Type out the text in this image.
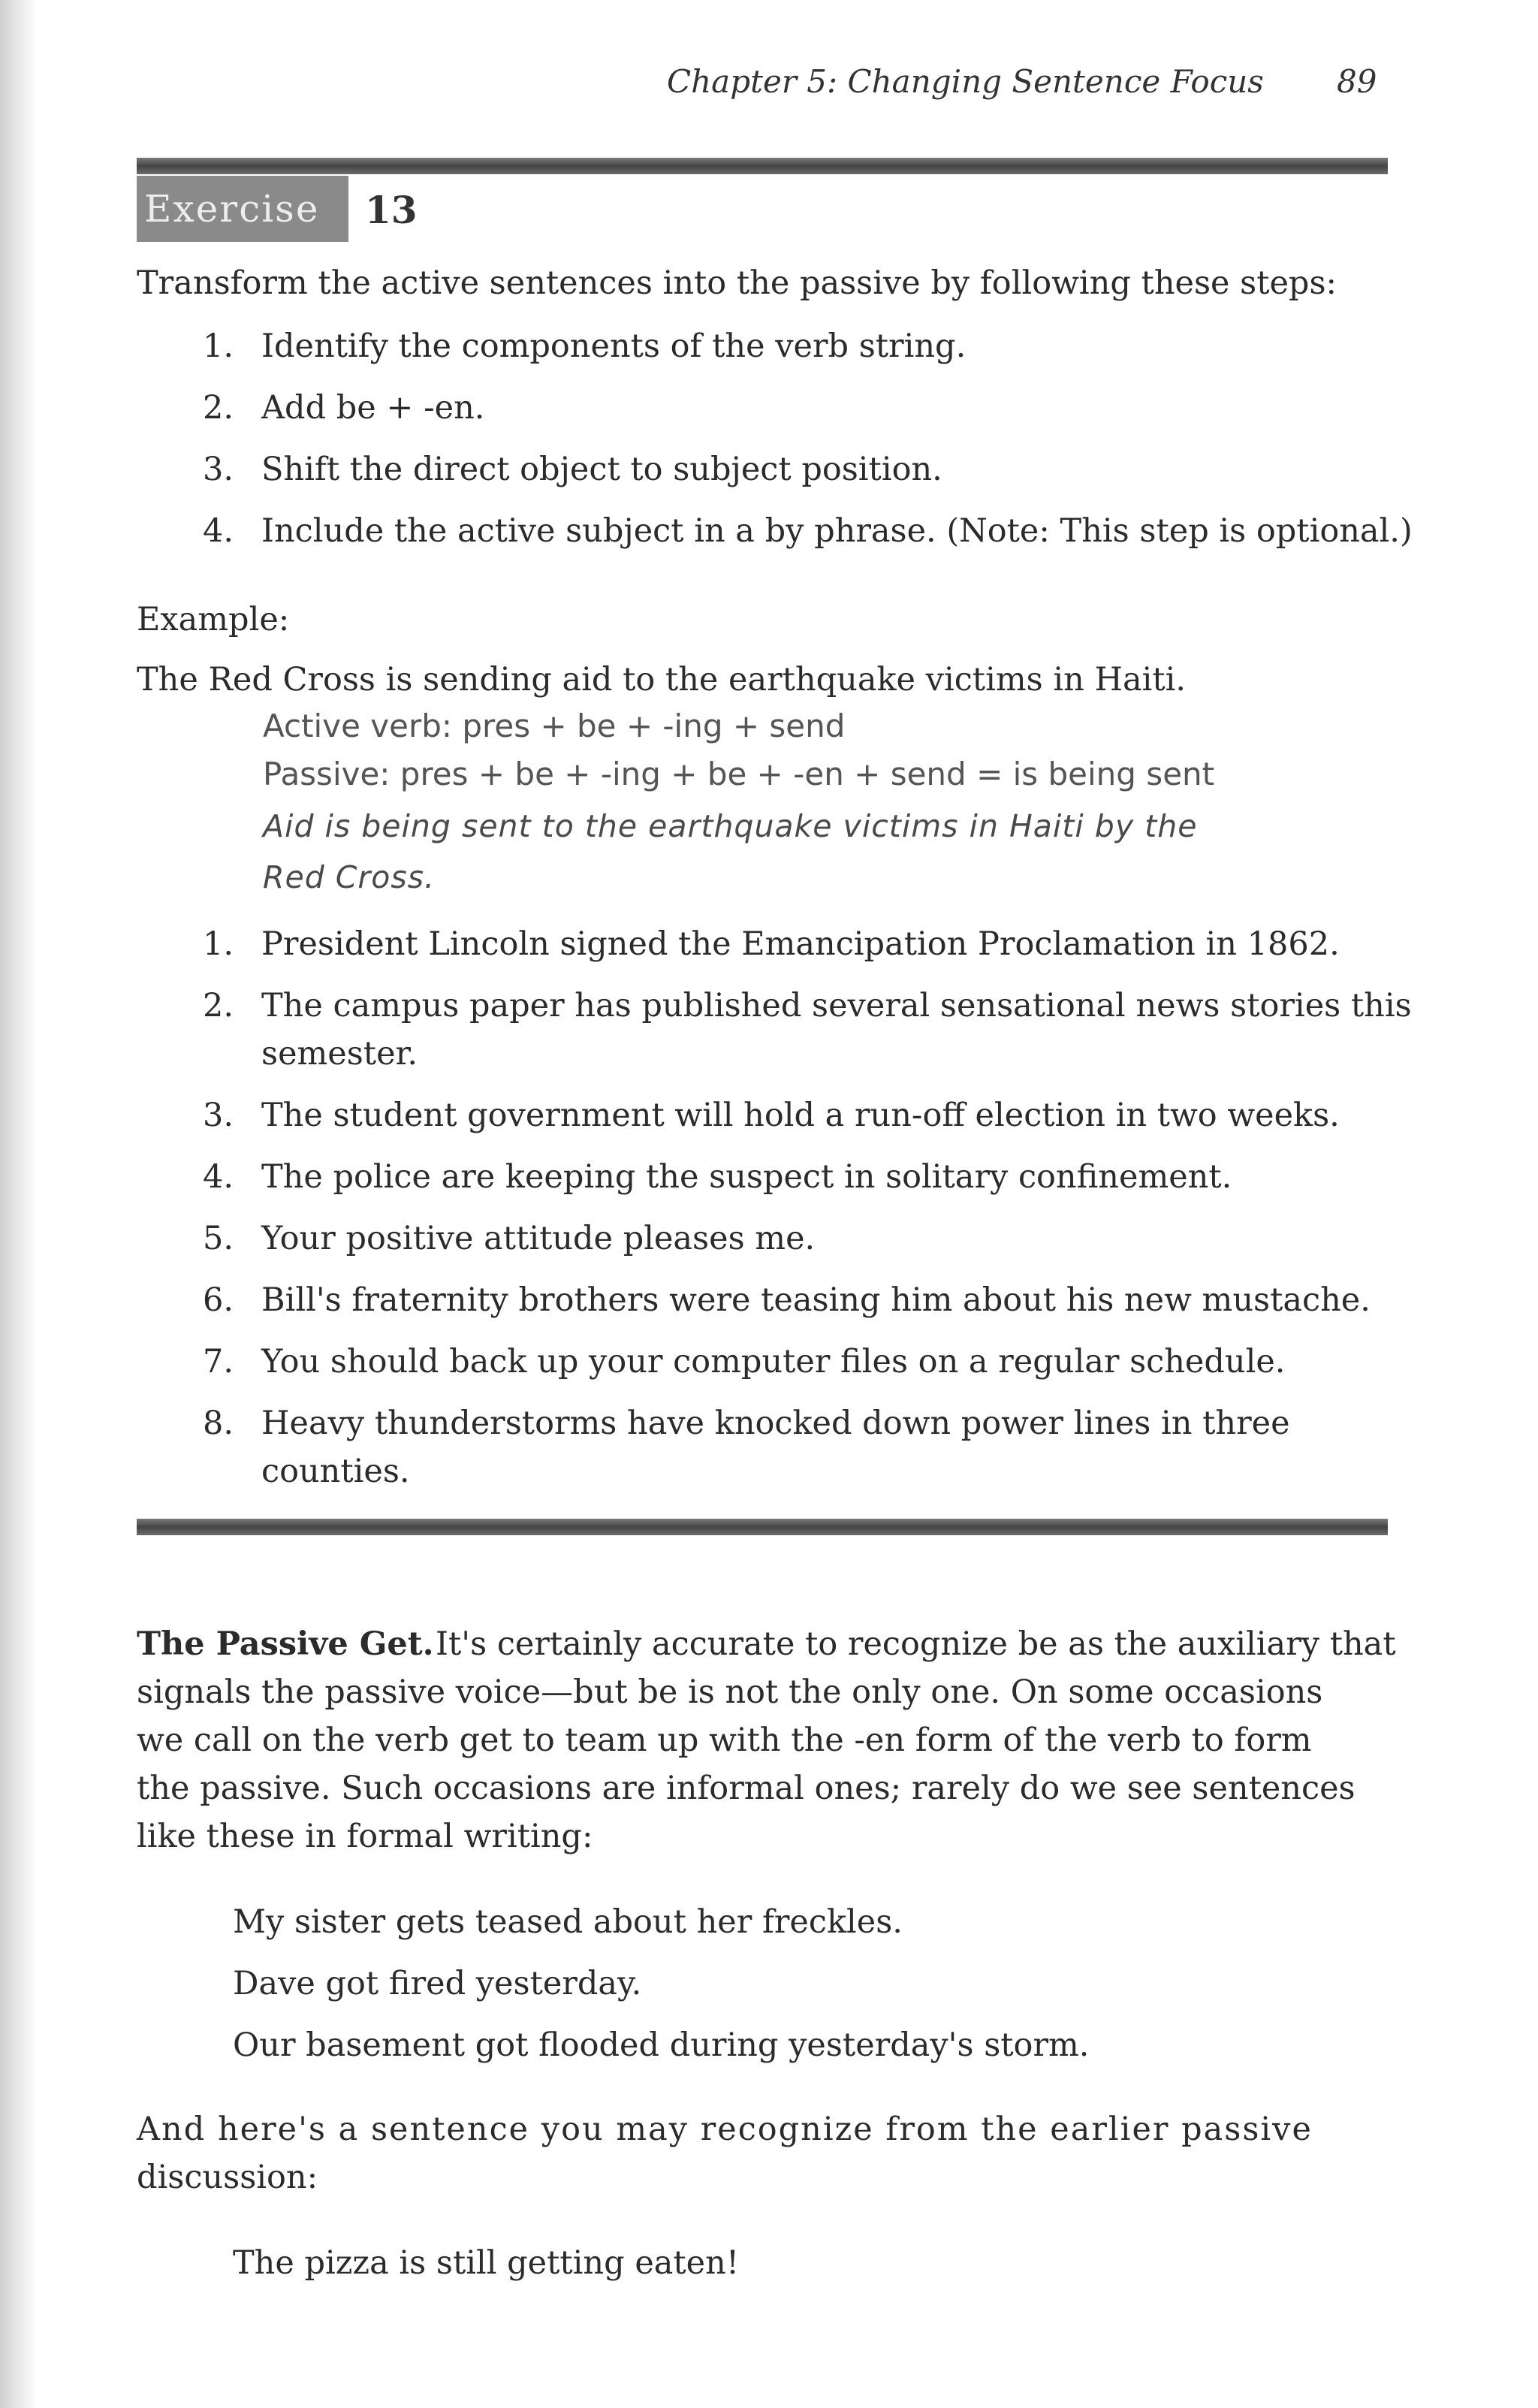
Chapter 5: Changing Sentence Focus 89
Exercise 13
Transform the active sentences into the passive by following these steps:
1. Identify the components of the verb string.
2. Add be + -en.
3. Shift the direct object to subject position.
4. Include the active subject in a by phrase. (Note: This step is optional.)
Example:
The Red Cross is sending aid to the earthquake victims in Haiti.
Active verb: pres + be + -ing + send
Passive: pres + be + -ing + be + -en + send = is being sent
Aid is being sent to the earthquake victims in Haiti by the
Red Cross.
1. President Lincoln signed the Emancipation Proclamation in 1862.
2. The campus paper has published several sensational news stories this
semester.
3. The student government will hold a run-off election in two weeks.
4. The police are keeping the suspect in solitary confinement.
5. Your positive attitude pleases me.
6. Bill's fraternity brothers were teasing him about his new mustache.
7. You should back up your computer files on a regular schedule.
8. Heavy thunderstorms have knocked down power lines in three
counties.
The Passive Get. It's certainly accurate to recognize be as the auxiliary that
signals the passive voice—but be is not the only one. On some occasions
we call on the verb get to team up with the -en form of the verb to form
the passive. Such occasions are informal ones; rarely do we see sentences
like these in formal writing:
My sister gets teased about her freckles.
Dave got fired yesterday.
Our basement got flooded during yesterday's storm.
And here's a sentence you may recognize from the earlier passive
discussion:
The pizza is still getting eaten!
